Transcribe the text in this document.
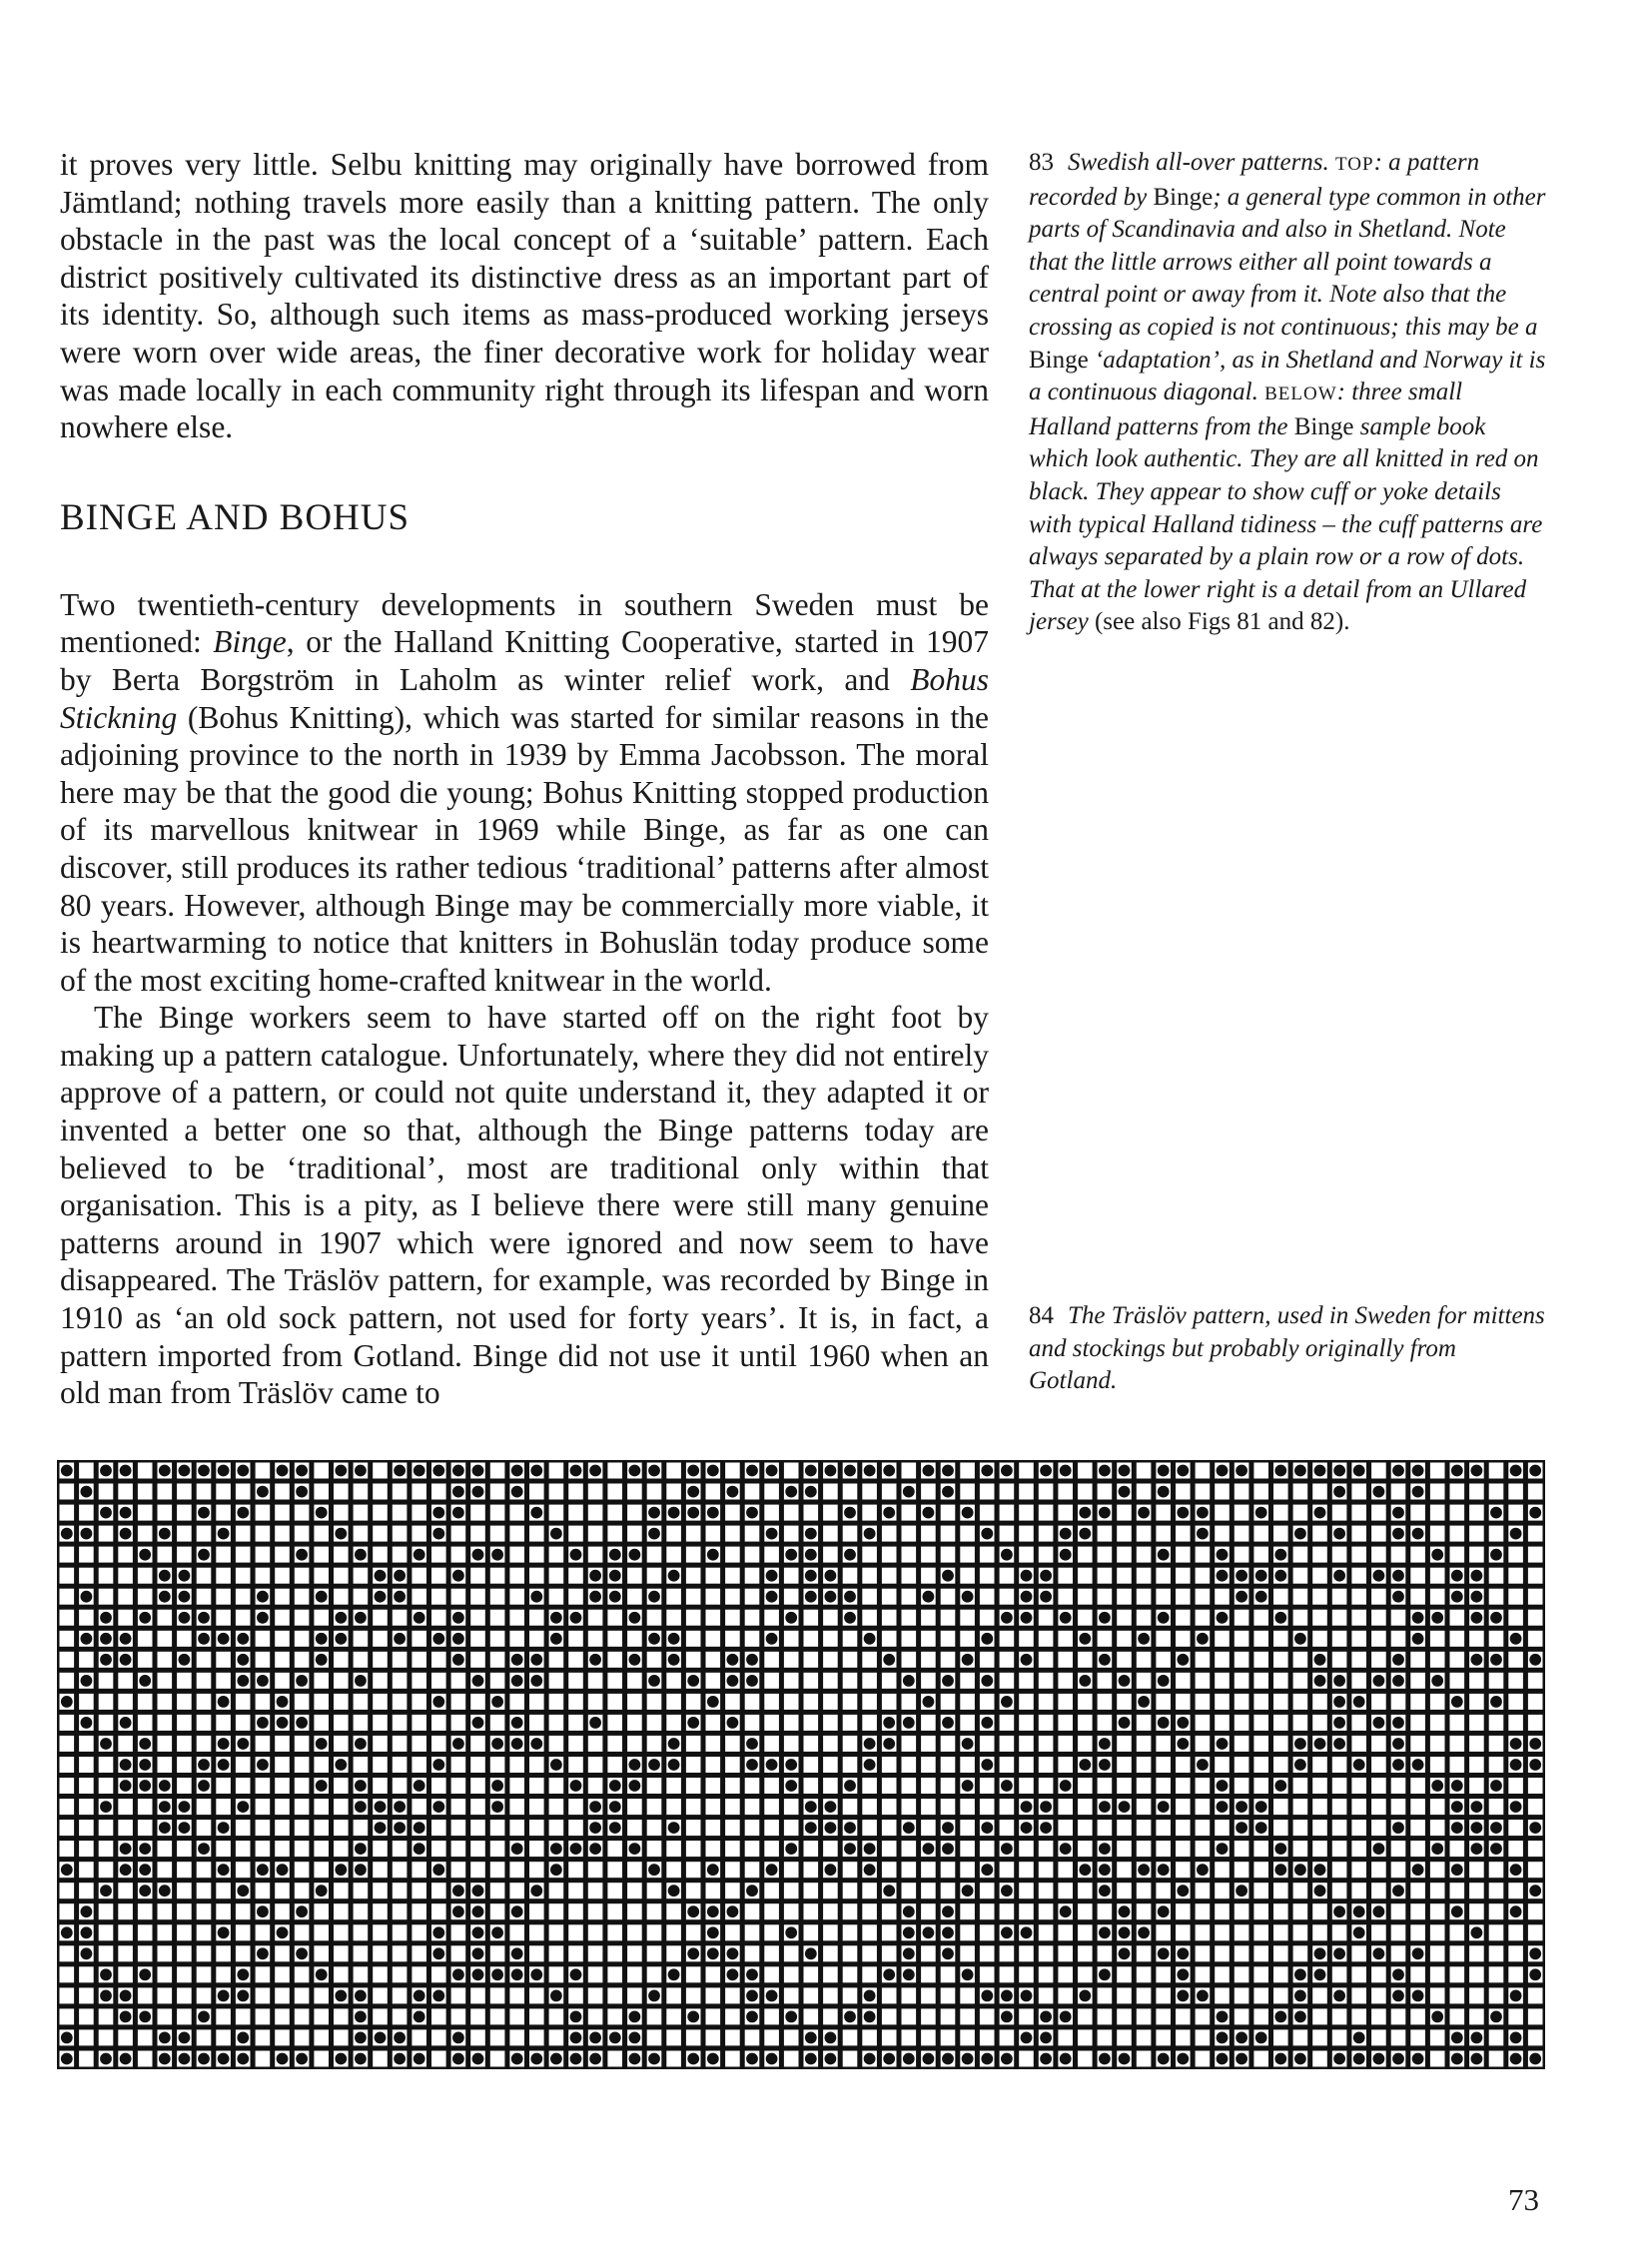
it proves very little. Selbu knitting may originally have borrowed from Jämtland; nothing travels more easily than a knitting pattern. The only obstacle in the past was the local concept of a ‘suitable’ pattern. Each district positively cultivated its distinctive dress as an important part of its identity. So, although such items as mass-produced working jerseys were worn over wide areas, the finer decorative work for holiday wear was made locally in each community right through its lifespan and worn nowhere else.

BINGE AND BOHUS

Two twentieth-century developments in southern Sweden must be mentioned: Binge, or the Halland Knitting Cooperative, started in 1907 by Berta Borgström in Laholm as winter relief work, and Bohus Stickning (Bohus Knitting), which was started for similar reasons in the adjoining province to the north in 1939 by Emma Jacobsson. The moral here may be that the good die young; Bohus Knitting stopped production of its marvellous knitwear in 1969 while Binge, as far as one can discover, still produces its rather tedious ‘traditional’ patterns after almost 80 years. However, although Binge may be commercially more viable, it is heartwarming to notice that knitters in Bohuslän today produce some of the most exciting home-crafted knitwear in the world.

The Binge workers seem to have started off on the right foot by making up a pattern catalogue. Unfortunately, where they did not entirely approve of a pattern, or could not quite understand it, they adapted it or invented a better one so that, although the Binge patterns today are believed to be ‘traditional’, most are traditional only within that organisation. This is a pity, as I believe there were still many genuine patterns around in 1907 which were ignored and now seem to have disappeared. The Träslöv pattern, for example, was recorded by Binge in 1910 as ‘an old sock pattern, not used for forty years’. It is, in fact, a pattern imported from Gotland. Binge did not use it until 1960 when an old man from Träslöv came to

83 Swedish all-over patterns. TOP: a pattern recorded by Binge; a general type common in other parts of Scandinavia and also in Shetland. Note that the little arrows either all point towards a central point or away from it. Note also that the crossing as copied is not continuous; this may be a Binge ‘adaptation’, as in Shetland and Norway it is a continuous diagonal. BELOW: three small Halland patterns from the Binge sample book which look authentic. They are all knitted in red on black. They appear to show cuff or yoke details with typical Halland tidiness – the cuff patterns are always separated by a plain row or a row of dots. That at the lower right is a detail from an Ullared jersey (see also Figs 81 and 82).
84 The Träslöv pattern, used in Sweden for mittens and stockings but probably originally from Gotland.
73
